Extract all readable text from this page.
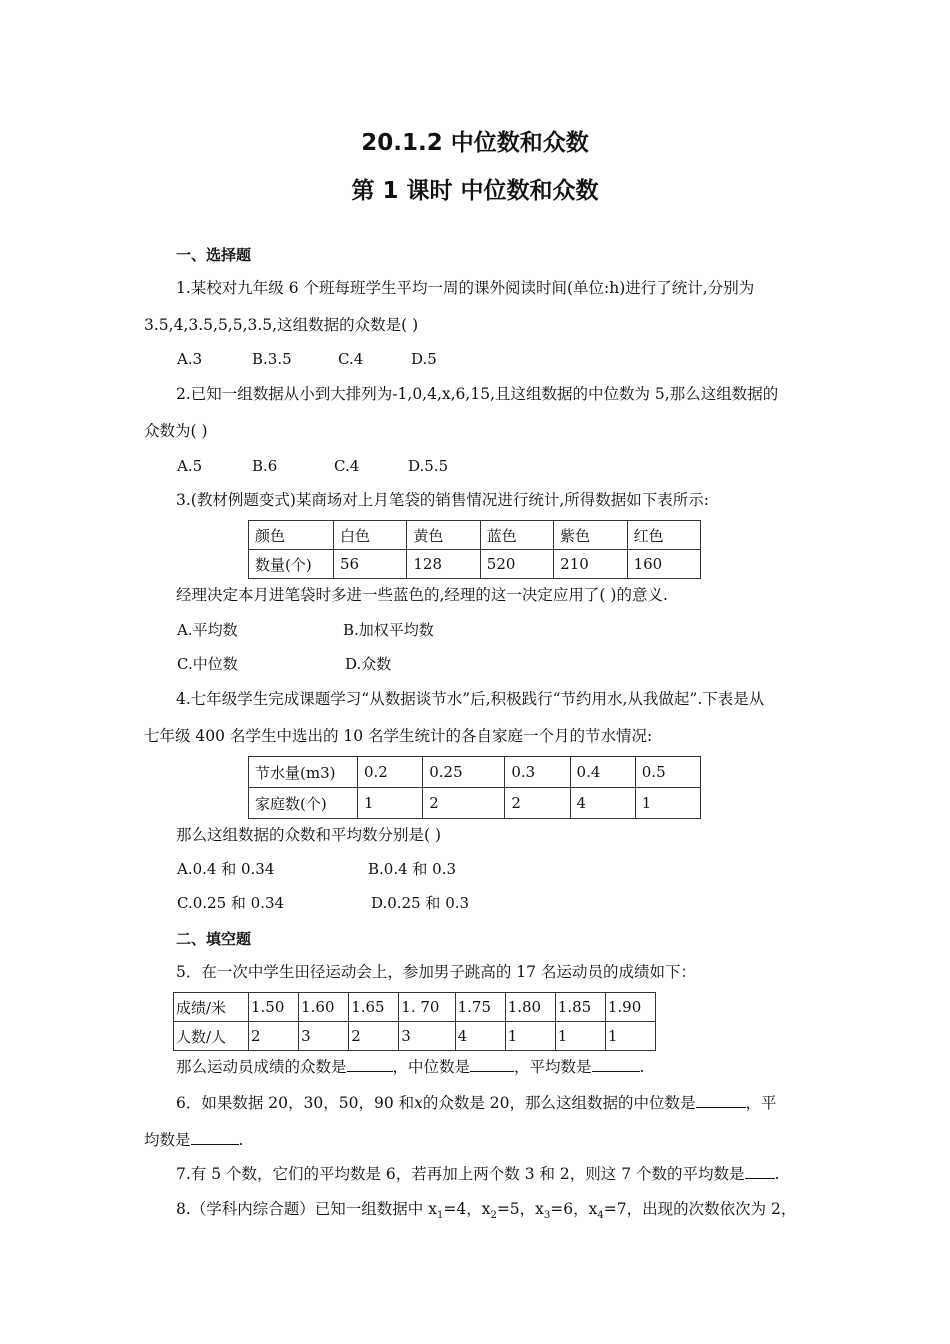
20.1.2 中位数和众数
第 1 课时 中位数和众数
一、选择题
1.某校对九年级 6 个班每班学生平均一周的课外阅读时间(单位:h)进行了统计,分别为
3.5,4,3.5,5,5,3.5,这组数据的众数是( )
A.3	B.3.5	C.4	D.5
2.已知一组数据从小到大排列为-1,0,4,x,6,15,且这组数据的中位数为 5,那么这组数据的
众数为( )
A.5	B.6	C.4	D.5.5
3.(教材例题变式)某商场对上月笔袋的销售情况进行统计,所得数据如下表所示:
颜色	白色	黄色	蓝色	紫色	红色
数量(个)	56	128	520	210	160
经理决定本月进笔袋时多进一些蓝色的,经理的这一决定应用了( )的意义.
A.平均数	B.加权平均数
C.中位数	D.众数
4.七年级学生完成课题学习“从数据谈节水”后,积极践行“节约用水,从我做起”.下表是从
七年级 400 名学生中选出的 10 名学生统计的各自家庭一个月的节水情况:
节水量(m3)	0.2	0.25	0.3	0.4	0.5
家庭数(个)	1	2	2	4	1
那么这组数据的众数和平均数分别是( )
A.0.4 和 0.34	B.0.4 和 0.3
C.0.25 和 0.34	D.0.25 和 0.3
二、填空题
5．在一次中学生田径运动会上，参加男子跳高的 17 名运动员的成绩如下：
成绩/米	1.50	1.60	1.65	1. 70	1.75	1.80	1.85	1.90
人数/人	2	3	2	3	4	1	1	1
那么运动员成绩的众数是	，中位数是	，平均数是	.
6．如果数据 20，30，50，90 和x的众数是 20，那么这组数据的中位数是	，平
均数是	.
7.有 5 个数，它们的平均数是 6，若再加上两个数 3 和 2，则这 7 个数的平均数是 .
8.（学科内综合题）已知一组数据中 $x_1=4$，$x_2=5$，$x_3=6$，$x_4=7$，出现的次数依次为 2，
